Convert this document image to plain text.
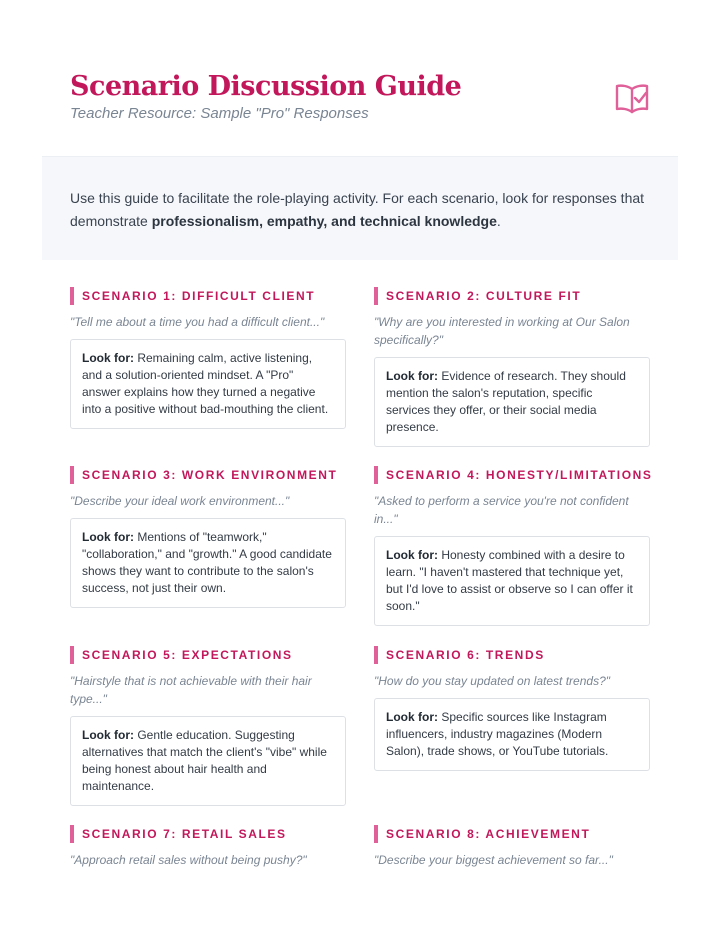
Scenario Discussion Guide
Teacher Resource: Sample "Pro" Responses
Use this guide to facilitate the role-playing activity. For each scenario, look for responses that demonstrate professionalism, empathy, and technical knowledge.
SCENARIO 1: DIFFICULT CLIENT
"Tell me about a time you had a difficult client..."
Look for: Remaining calm, active listening, and a solution-oriented mindset. A "Pro" answer explains how they turned a negative into a positive without bad-mouthing the client.
SCENARIO 2: CULTURE FIT
"Why are you interested in working at Our Salon specifically?"
Look for: Evidence of research. They should mention the salon's reputation, specific services they offer, or their social media presence.
SCENARIO 3: WORK ENVIRONMENT
"Describe your ideal work environment..."
Look for: Mentions of "teamwork," "collaboration," and "growth." A good candidate shows they want to contribute to the salon's success, not just their own.
SCENARIO 4: HONESTY/LIMITATIONS
"Asked to perform a service you're not confident in..."
Look for: Honesty combined with a desire to learn. "I haven't mastered that technique yet, but I'd love to assist or observe so I can offer it soon."
SCENARIO 5: EXPECTATIONS
"Hairstyle that is not achievable with their hair type..."
Look for: Gentle education. Suggesting alternatives that match the client's "vibe" while being honest about hair health and maintenance.
SCENARIO 6: TRENDS
"How do you stay updated on latest trends?"
Look for: Specific sources like Instagram influencers, industry magazines (Modern Salon), trade shows, or YouTube tutorials.
SCENARIO 7: RETAIL SALES
"Approach retail sales without being pushy?"
SCENARIO 8: ACHIEVEMENT
"Describe your biggest achievement so far..."
